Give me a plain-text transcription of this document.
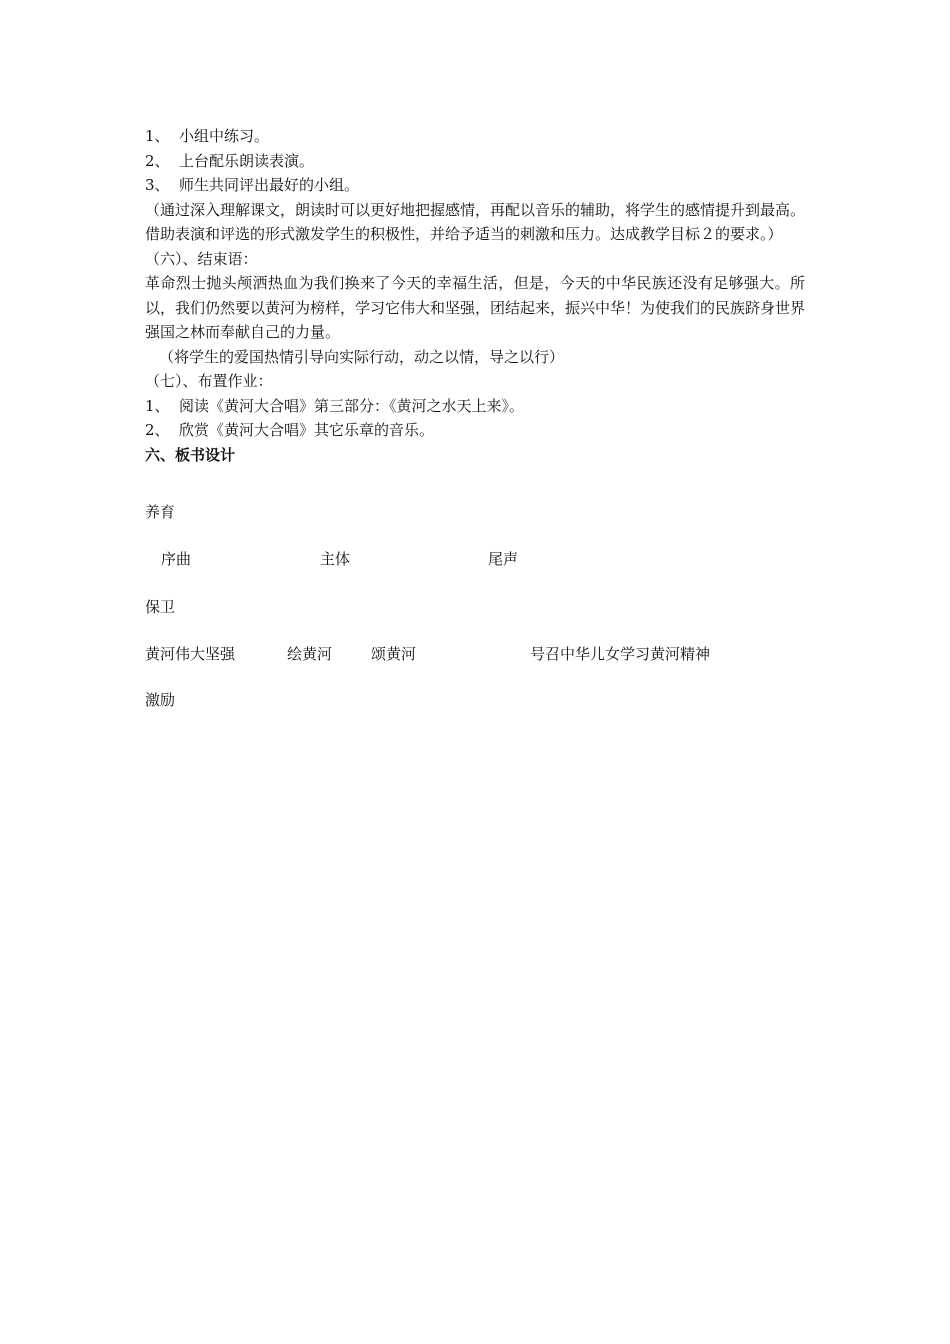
1、 小组中练习。
2、 上台配乐朗读表演。
3、 师生共同评出最好的小组。
（通过深入理解课文，朗读时可以更好地把握感情，再配以音乐的辅助，将学生的感情提升到最高。借助表演和评选的形式激发学生的积极性，并给予适当的刺激和压力。达成教学目标２的要求。）
（六）、结束语：
革命烈士抛头颅洒热血为我们换来了今天的幸福生活，但是，今天的中华民族还没有足够强大。所以，我们仍然要以黄河为榜样，学习它伟大和坚强，团结起来，振兴中华！为使我们的民族跻身世界强国之林而奉献自己的力量。
（将学生的爱国热情引导向实际行动，动之以情，导之以行）
（七）、布置作业：
1、 阅读《黄河大合唱》第三部分：《黄河之水天上来》。
2、 欣赏《黄河大合唱》其它乐章的音乐。
六、板书设计
养育
序曲	主体	尾声
保卫
黄河伟大坚强	绘黄河	颂黄河	号召中华儿女学习黄河精神
激励
